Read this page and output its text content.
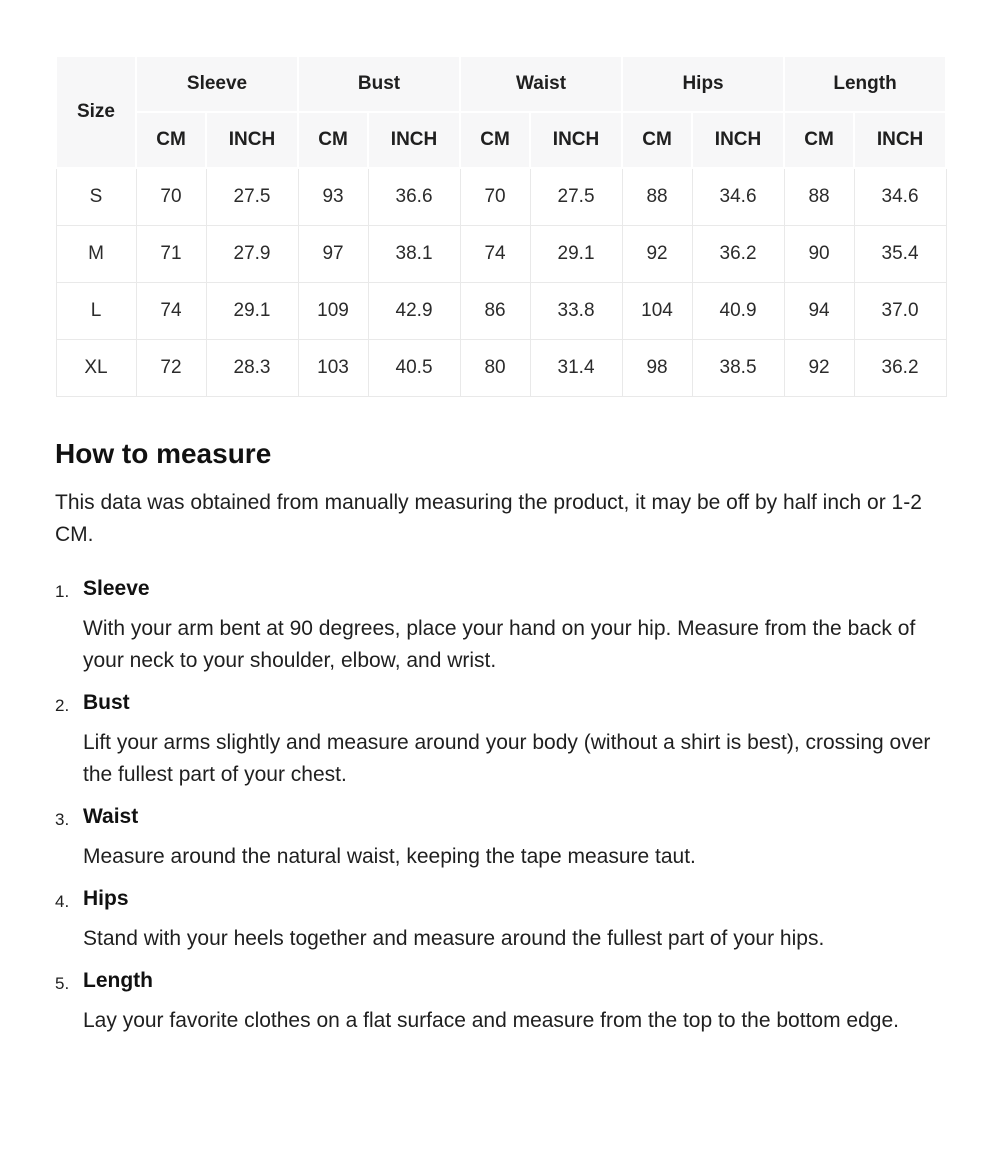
Size	Sleeve		Bust		Waist		Hips		Length	
	CM	INCH	CM	INCH	CM	INCH	CM	INCH	CM	INCH
S	70	27.5	93	36.6	70	27.5	88	34.6	88	34.6
M	71	27.9	97	38.1	74	29.1	92	36.2	90	35.4
L	74	29.1	109	42.9	86	33.8	104	40.9	94	37.0
XL	72	28.3	103	40.5	80	31.4	98	38.5	92	36.2
How to measure

This data was obtained from manually measuring the product, it may be off by half inch or 1-2 CM.

1. Sleeve
With your arm bent at 90 degrees, place your hand on your hip. Measure from the back of your neck to your shoulder, elbow, and wrist.
2. Bust
Lift your arms slightly and measure around your body (without a shirt is best), crossing over the fullest part of your chest.
3. Waist
Measure around the natural waist, keeping the tape measure taut.
4. Hips
Stand with your heels together and measure around the fullest part of your hips.
5. Length
Lay your favorite clothes on a flat surface and measure from the top to the bottom edge.
